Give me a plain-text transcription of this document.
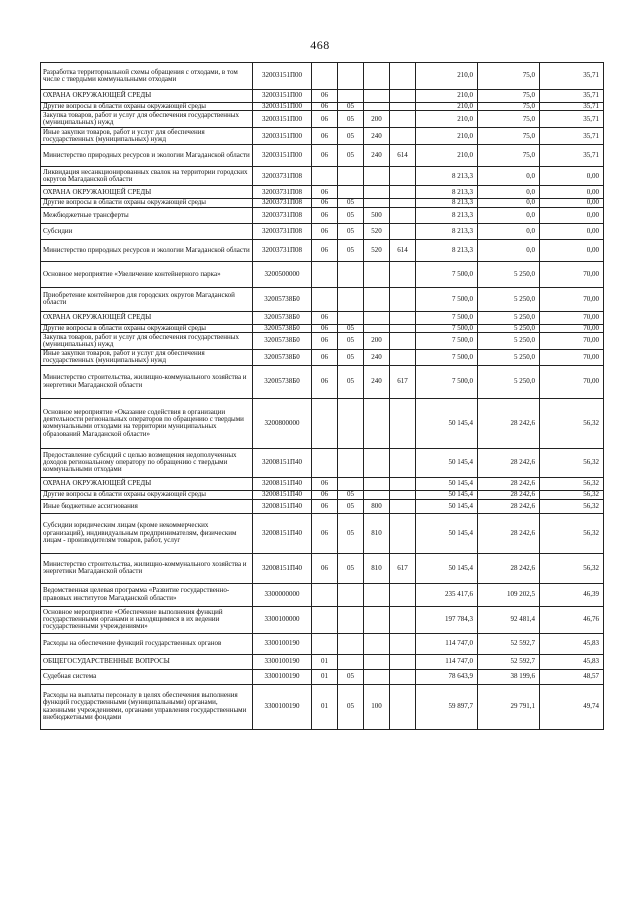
468
Разработка территориальной схемы обращения с отходами, в том числе с твердыми коммунальными отходами	32003151П00					210,0	75,0	35,71
ОХРАНА ОКРУЖАЮЩЕЙ СРЕДЫ	32003151П00	06				210,0	75,0	35,71
Другие вопросы в области охраны окружающей среды	32003151П00	06	05			210,0	75,0	35,71
Закупка товаров, работ и услуг для обеспечения государственных (муниципальных) нужд	32003151П00	06	05	200		210,0	75,0	35,71
Иные закупки товаров, работ и услуг для обеспечения государственных (муниципальных) нужд	32003151П00	06	05	240		210,0	75,0	35,71
Министерство природных ресурсов и экологии Магаданской области	32003151П00	06	05	240	614	210,0	75,0	35,71
Ликвидация несанкционированных свалок на территории городских округов Магаданской области	32003731П08					8 213,3	0,0	0,00
ОХРАНА ОКРУЖАЮЩЕЙ СРЕДЫ	32003731П08	06				8 213,3	0,0	0,00
Другие вопросы в области охраны окружающей среды	32003731П08	06	05			8 213,3	0,0	0,00
Межбюджетные трансферты	32003731П08	06	05	500		8 213,3	0,0	0,00
Субсидии	32003731П08	06	05	520		8 213,3	0,0	0,00
Министерство природных ресурсов и экологии Магаданской области	32003731П08	06	05	520	614	8 213,3	0,0	0,00
Основное мероприятие «Увеличение контейнерного парка»	3200500000					7 500,0	5 250,0	70,00
Приобретение контейнеров для городских округов Магаданской области	32005738Б0					7 500,0	5 250,0	70,00
ОХРАНА ОКРУЖАЮЩЕЙ СРЕДЫ	32005738Б0	06				7 500,0	5 250,0	70,00
Другие вопросы в области охраны окружающей среды	32005738Б0	06	05			7 500,0	5 250,0	70,00
Закупка товаров, работ и услуг для обеспечения государственных (муниципальных) нужд	32005738Б0	06	05	200		7 500,0	5 250,0	70,00
Иные закупки товаров, работ и услуг для обеспечения государственных (муниципальных) нужд	32005738Б0	06	05	240		7 500,0	5 250,0	70,00
Министерство строительства, жилищно-коммунального хозяйства и энергетики Магаданской области	32005738Б0	06	05	240	617	7 500,0	5 250,0	70,00
Основное мероприятие «Оказание содействия в организации деятельности региональных операторов по обращению с твердыми коммунальными отходами на территории муниципальных образований Магаданской области»	3200800000					50 145,4	28 242,6	56,32
Предоставление субсидий с целью возмещения недополученных доходов региональному оператору по обращению с твердыми коммунальными отходами	32008151П40					50 145,4	28 242,6	56,32
ОХРАНА ОКРУЖАЮЩЕЙ СРЕДЫ	32008151П40	06				50 145,4	28 242,6	56,32
Другие вопросы в области охраны окружающей среды	32008151П40	06	05			50 145,4	28 242,6	56,32
Иные бюджетные ассигнования	32008151П40	06	05	800		50 145,4	28 242,6	56,32
Субсидии юридическим лицам (кроме некоммерческих организаций), индивидуальным предпринимателям, физическим лицам - производителям товаров, работ, услуг	32008151П40	06	05	810		50 145,4	28 242,6	56,32
Министерство строительства, жилищно-коммунального хозяйства и энергетики Магаданской области	32008151П40	06	05	810	617	50 145,4	28 242,6	56,32
Ведомственная целевая программа «Развитие государственно-правовых институтов Магаданской области»	3300000000					235 417,6	109 202,5	46,39
Основное мероприятие «Обеспечение выполнения функций государственными органами и находящимися в их ведении государственными учреждениями»	3300100000					197 784,3	92 481,4	46,76
Расходы на обеспечение функций государственных органов	3300100190					114 747,0	52 592,7	45,83
ОБЩЕГОСУДАРСТВЕННЫЕ ВОПРОСЫ	3300100190	01				114 747,0	52 592,7	45,83
Судебная система	3300100190	01	05			78 643,9	38 199,6	48,57
Расходы на выплаты персоналу в целях обеспечения выполнения функций государственными (муниципальными) органами, казенными учреждениями, органами управления государственными внебюджетными фондами	3300100190	01	05	100		59 897,7	29 791,1	49,74
